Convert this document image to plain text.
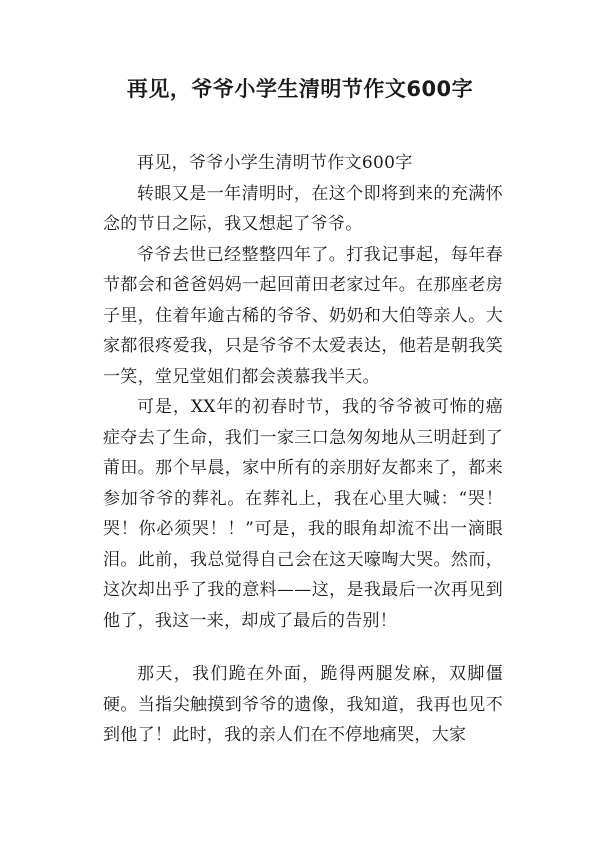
再见，爷爷小学生清明节作文600字

再见，爷爷小学生清明节作文600字

转眼又是一年清明时，在这个即将到来的充满怀念的节日之际，我又想起了爷爷。

爷爷去世已经整整四年了。打我记事起，每年春节都会和爸爸妈妈一起回莆田老家过年。在那座老房子里，住着年逾古稀的爷爷、奶奶和大伯等亲人。大家都很疼爱我，只是爷爷不太爱表达，他若是朝我笑一笑，堂兄堂姐们都会羡慕我半天。

可是，XX年的初春时节，我的爷爷被可怖的癌症夺去了生命，我们一家三口急匆匆地从三明赶到了莆田。那个早晨，家中所有的亲朋好友都来了，都来参加爷爷的葬礼。在葬礼上，我在心里大喊：“哭！哭！你必须哭！！”可是，我的眼角却流不出一滴眼泪。此前，我总觉得自己会在这天嚎啕大哭。然而，这次却出乎了我的意料——这，是我最后一次再见到他了，我这一来，却成了最后的告别！

那天，我们跪在外面，跪得两腿发麻，双脚僵硬。当指尖触摸到爷爷的遗像，我知道，我再也见不到他了！此时，我的亲人们在不停地痛哭，大家
